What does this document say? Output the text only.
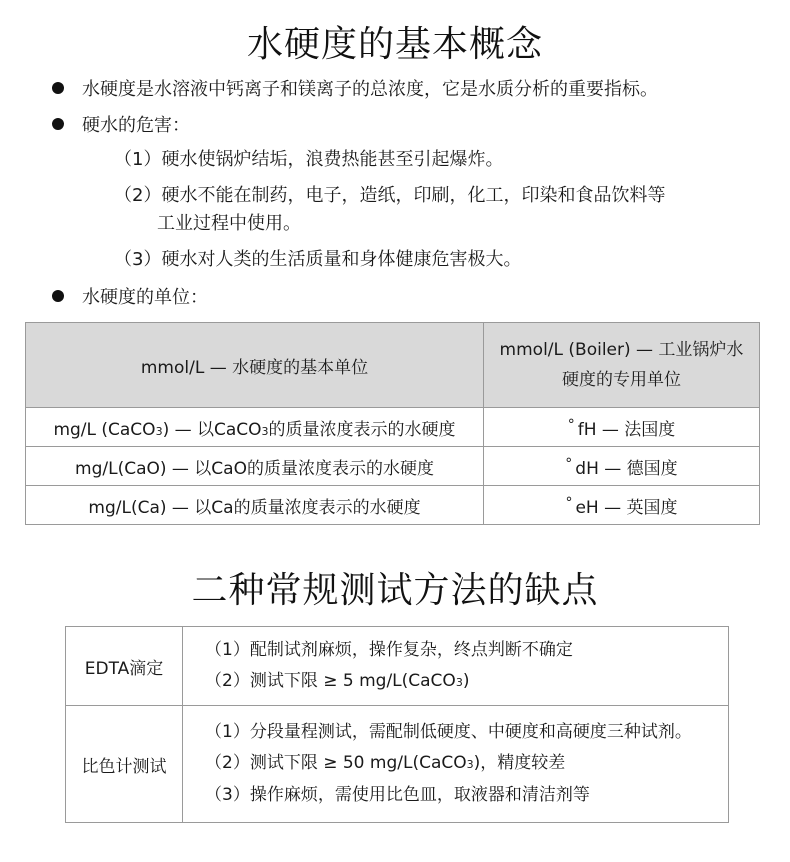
水硬度的基本概念
水硬度是水溶液中钙离子和镁离子的总浓度，它是水质分析的重要指标。
硬水的危害：
（1）硬水使锅炉结垢，浪费热能甚至引起爆炸。
（2）硬水不能在制药，电子，造纸，印刷，化工，印染和食品饮料等
工业过程中使用。
（3）硬水对人类的生活质量和身体健康危害极大。
水硬度的单位：
mmol/L — 水硬度的基本单位	mmol/L (Boiler) — 工业锅炉水
硬度的专用单位

mg/L (CaCO3) — 以CaCO3的质量浓度表示的水硬度	° fH — 法国度
mg/L(CaO) — 以CaO的质量浓度表示的水硬度	° dH — 德国度
mg/L(Ca) — 以Ca的质量浓度表示的水硬度	° eH — 英国度
二种常规测试方法的缺点
EDTA滴定	（1）配制试剂麻烦，操作复杂，终点判断不确定
（2）测试下限 ≥ 5 mg/L(CaCO3)

比色计测试	（1）分段量程测试，需配制低硬度、中硬度和高硬度三种试剂。
（2）测试下限 ≥ 50 mg/L(CaCO3)，精度较差
（3）操作麻烦，需使用比色皿，取液器和清洁剂等
